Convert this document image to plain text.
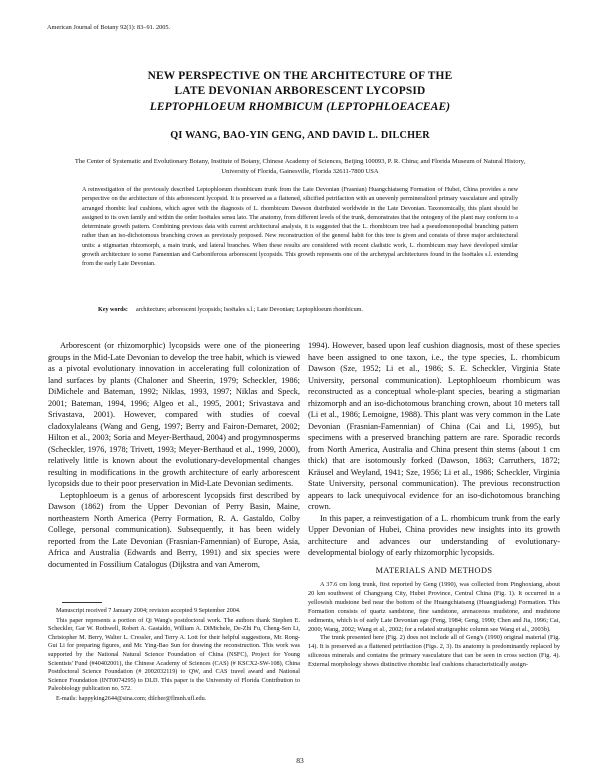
American Journal of Botany 92(1): 83–91. 2005.
NEW PERSPECTIVE ON THE ARCHITECTURE OF THE
LATE DEVONIAN ARBORESCENT LYCOPSID
LEPTOPHLOEUM RHOMBICUM (LEPTOPHLOEACEAE)
QI WANG, BAO-YIN GENG, AND DAVID L. DILCHER
The Center of Systematic and Evolutionary Botany, Institute of Botany, Chinese Academy of Sciences, Beijing 100093, P. R. China; and Florida Museum of Natural History, University of Florida, Gainesville, Florida 32611-7800 USA
A reinvestigation of the previously described Leptophloeum rhombicum trunk from the Late Devonian (Frasnian) Huangchiatseng Formation of Hubei, China provides a new perspective on the architecture of this arborescent lycopsid. It is preserved as a flattened, silicified petrifaction with an unevenly permineralized primary vasculature and spirally arranged rhombic leaf cushions, which agree with the diagnosis of L. rhombicum Dawson distributed worldwide in the Late Devonian. Taxonomically, this plant should be assigned to its own family and within the order Isoëtales sensu lato. The anatomy, from different levels of the trunk, demonstrates that the ontogeny of the plant may conform to a determinate growth pattern. Combining previous data with current architectural analysis, it is suggested that the L. rhombicum tree had a pseudomonopodial branching pattern rather than an iso-dichotomous branching crown as previously proposed. New reconstruction of the general habit for this tree is given and consists of three major architectural units: a stigmarian rhizomorph, a main trunk, and lateral branches. When these results are considered with recent cladistic work, L. rhombicum may have developed similar growth architecture to some Famennian and Carboniferous arborescent lycopsids. This growth represents one of the archetypal architectures found in the Isoëtales s.l. extending from the early Late Devonian.
Key words: architecture; arborescent lycopsids; Isoëtales s.l.; Late Devonian; Leptophloeum rhombicum.

Arborescent (or rhizomorphic) lycopsids were one of the pioneering groups in the Mid-Late Devonian to develop the tree habit, which is viewed as a pivotal evolutionary innovation in accelerating full colonization of land surfaces by plants (Chaloner and Sheerin, 1979; Scheckler, 1986; DiMichele and Bateman, 1992; Niklas, 1993, 1997; Niklas and Speck, 2001; Bateman, 1994, 1996; Algeo et al., 1995, 2001; Srivastava and Srivastava, 2001). However, compared with studies of coeval cladoxylaleans (Wang and Geng, 1997; Berry and Fairon-Demaret, 2002; Hilton et al., 2003; Soria and Meyer-Berthaud, 2004) and progymnosperms (Scheckler, 1976, 1978; Trivett, 1993; Meyer-Berthaud et al., 1999, 2000), relatively little is known about the evolutionary-developmental changes resulting in modifications in the growth architecture of early arborescent lycopsids due to their poor preservation in Mid-Late Devonian sediments.

Leptophloeum is a genus of arborescent lycopsids first described by Dawson (1862) from the Upper Devonian of Perry Basin, Maine, northeastern North America (Perry Formation, R. A. Gastaldo, Colby College, personal communication). Subsequently, it has been widely reported from the Late Devonian (Frasnian-Famennian) of Europe, Asia, Africa and Australia (Edwards and Berry, 1991) and six species were documented in Fossilium Catalogus (Dijkstra and van Amerom,

Manuscript received 7 January 2004; revision accepted 9 September 2004.

This paper represents a portion of Qi Wang's postdoctoral work. The authors thank Stephen E. Scheckler, Gar W. Rothwell, Robert A. Gastaldo, William A. DiMichele, De-Zhi Fu, Cheng-Sen Li, Christopher M. Berry, Walter L. Cressler, and Terry A. Lott for their helpful suggestions, Mr. Rong-Gui Li for preparing figures, and Mr. Ying-Bao Sun for drawing the reconstruction. This work was supported by the National Natural Science Foundation of China (NSFC), Project for Young Scientists' Fund (#40402001), the Chinese Academy of Sciences (CAS) (# KSCX2-SW-108), China Postdoctoral Science Foundation (# 2002032119) to QW, and CAS travel award and National Science Foundation (INT0074295) to DLD. This paper is the University of Florida Contribution to Paleobiology publication no. 572.

E-mails: happyking2644@sina.com; dilcher@flmnh.ufl.edu.

1994). However, based upon leaf cushion diagnosis, most of these species have been assigned to one taxon, i.e., the type species, L. rhombicum Dawson (Sze, 1952; Li et al., 1986; S. E. Scheckler, Virginia State University, personal communication). Leptophloeum rhombicum was reconstructed as a conceptual whole-plant species, bearing a stigmarian rhizomorph and an iso-dichotomous branching crown, about 10 meters tall (Li et al., 1986; Lemoigne, 1988). This plant was very common in the Late Devonian (Frasnian-Famennian) of China (Cai and Li, 1995), but specimens with a preserved branching pattern are rare. Sporadic records from North America, Australia and China present thin stems (about 1 cm thick) that are isotomously forked (Dawson, 1863; Carruthers, 1872; Kräusel and Weyland, 1941; Sze, 1956; Li et al., 1986; Scheckler, Virginia State University, personal communication). The previous reconstruction appears to lack unequivocal evidence for an iso-dichotomous branching crown.

In this paper, a reinvestigation of a L. rhombicum trunk from the early Upper Devonian of Hubei, China provides new insights into its growth architecture and advances our understanding of evolutionary-developmental biology of early rhizomorphic lycopsids.

MATERIALS AND METHODS

A 37.6 cm long trunk, first reported by Geng (1990), was collected from Pinghoxiang, about 20 km southwest of Changyang City, Hubei Province, Central China (Fig. 1). It occurred in a yellowish mudstone bed near the bottom of the Huangchiatseng (Huangjiadeng) Formation. This Formation consists of quartz sandstone, fine sandstone, arenaceous mudstone, and mudstone sediments, which is of early Late Devonian age (Feng, 1984; Geng, 1990; Chen and Jia, 1996; Cai, 2000; Wang, 2002; Wang et al., 2002; for a related stratigraphic column see Wang et al., 2003b).

The trunk presented here (Fig. 2) does not include all of Geng's (1990) original material (Fig. 14). It is preserved as a flattened petrifaction (Figs. 2, 3). Its anatomy is predominantly replaced by siliceous minerals and contains the primary vasculature that can be seen in cross section (Fig. 4). External morphology shows distinctive rhombic leaf cushions characteristically assign-

83
